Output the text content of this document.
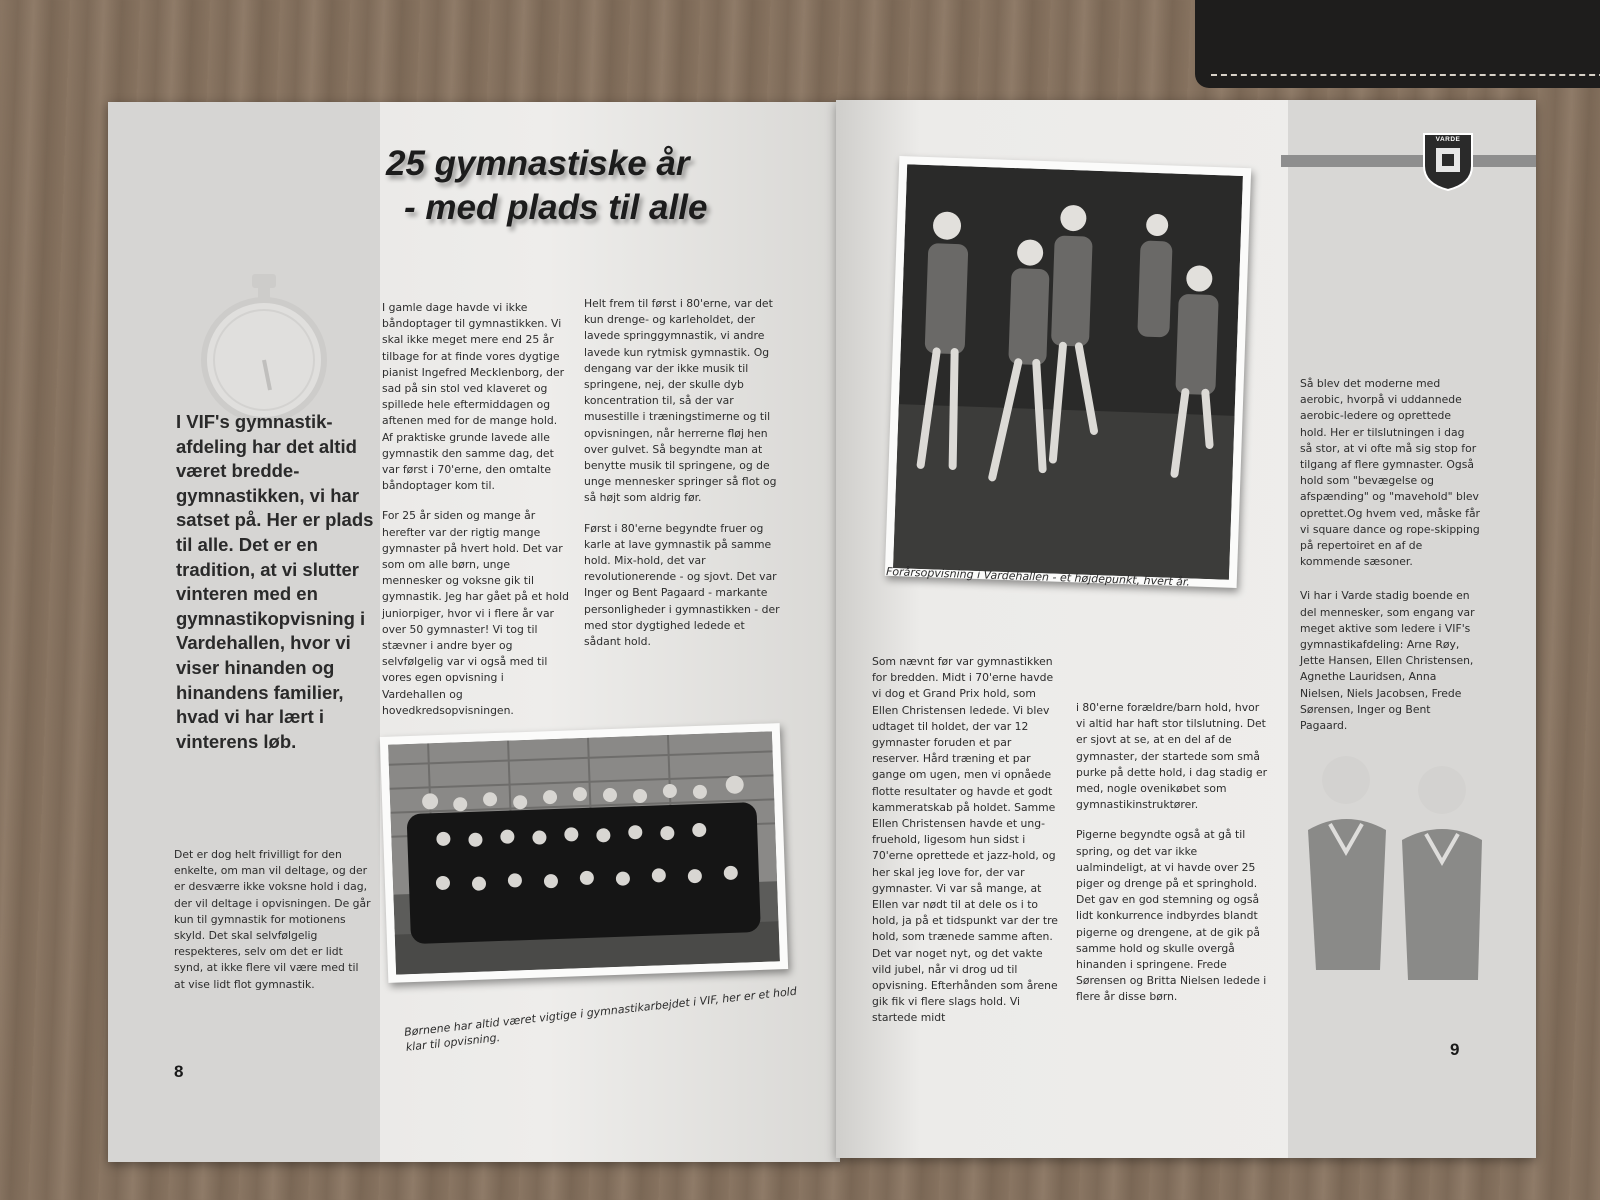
25 gymnastiske år
- med plads til alle

I VIF's gymnastik-afdeling har det altid været bredde-gymnastikken, vi har satset på. Her er plads til alle. Det er en tradition, at vi slutter vinteren med en gymnastikopvisning i Vardehallen, hvor vi viser hinanden og hinandens familier, hvad vi har lært i vinterens løb.

Det er dog helt frivilligt for den enkelte, om man vil deltage, og der er desværre ikke voksne hold i dag, der vil deltage i opvisningen. De går kun til gymnastik for motionens skyld. Det skal selvfølgelig respekteres, selv om det er lidt synd, at ikke flere vil være med til at vise lidt flot gymnastik.

I gamle dage havde vi ikke båndoptager til gymnastikken. Vi skal ikke meget mere end 25 år tilbage for at finde vores dygtige pianist Ingefred Mecklenborg, der sad på sin stol ved klaveret og spillede hele eftermiddagen og aftenen med for de mange hold. Af praktiske grunde lavede alle gymnastik den samme dag, det var først i 70'erne, den omtalte båndoptager kom til.

For 25 år siden og mange år herefter var der rigtig mange gymnaster på hvert hold. Det var som om alle børn, unge mennesker og voksne gik til gymnastik. Jeg har gået på et hold juniorpiger, hvor vi i flere år var over 50 gymnaster! Vi tog til stævner i andre byer og selvfølgelig var vi også med til vores egen opvisning i Vardehallen og hovedkredsopvisningen.

Helt frem til først i 80'erne, var det kun drenge- og karleholdet, der lavede springgymnastik, vi andre lavede kun rytmisk gymnastik. Og dengang var der ikke musik til springene, nej, der skulle dyb koncentration til, så der var musestille i træningstimerne og til opvisningen, når herrerne fløj hen over gulvet. Så begyndte man at benytte musik til springene, og de unge mennesker springer så flot og så højt som aldrig før.

Først i 80'erne begyndte fruer og karle at lave gymnastik på samme hold. Mix-hold, det var revolutionerende - og sjovt. Det var Inger og Bent Pagaard - markante personligheder i gymnastikken - der med stor dygtighed ledede et sådant hold.

Børnene har altid været vigtige i gymnastikarbejdet i VIF, her er et hold klar til opvisning.

8
VARDE

Forårsopvisning i Vardehallen - et højdepunkt, hvert år.

Som nævnt før var gymnastikken for bredden. Midt i 70'erne havde vi dog et Grand Prix hold, som Ellen Christensen ledede. Vi blev udtaget til holdet, der var 12 gymnaster foruden et par reserver. Hård træning et par gange om ugen, men vi opnåede flotte resultater og havde et godt kammeratskab på holdet. Samme Ellen Christensen havde et ung-fruehold, ligesom hun sidst i 70'erne oprettede et jazz-hold, og her skal jeg love for, der var gymnaster. Vi var så mange, at Ellen var nødt til at dele os i to hold, ja på et tidspunkt var der tre hold, som trænede samme aften. Det var noget nyt, og det vakte vild jubel, når vi drog ud til opvisning. Efterhånden som årene gik fik vi flere slags hold. Vi startede midt

i 80'erne forældre/barn hold, hvor vi altid har haft stor tilslutning. Det er sjovt at se, at en del af de gymnaster, der startede som små purke på dette hold, i dag stadig er med, nogle ovenikøbet som gymnastikinstruktører.

Pigerne begyndte også at gå til spring, og det var ikke ualmindeligt, at vi havde over 25 piger og drenge på et springhold. Det gav en god stemning og også lidt konkurrence indbyrdes blandt pigerne og drengene, at de gik på samme hold og skulle overgå hinanden i springene. Frede Sørensen og Britta Nielsen ledede i flere år disse børn.

Så blev det moderne med aerobic, hvorpå vi uddannede aerobic-ledere og oprettede hold. Her er tilslutningen i dag så stor, at vi ofte må sig stop for tilgang af flere gymnaster. Også hold som "bevægelse og afspænding" og "mavehold" blev oprettet.Og hvem ved, måske får vi square dance og rope-skipping på repertoiret en af de kommende sæsoner.

Vi har i Varde stadig boende en del mennesker, som engang var meget aktive som ledere i VIF's gymnastikafdeling: Arne Røy, Jette Hansen, Ellen Christensen, Agnethe Lauridsen, Anna Nielsen, Niels Jacobsen, Frede Sørensen, Inger og Bent Pagaard.

9
